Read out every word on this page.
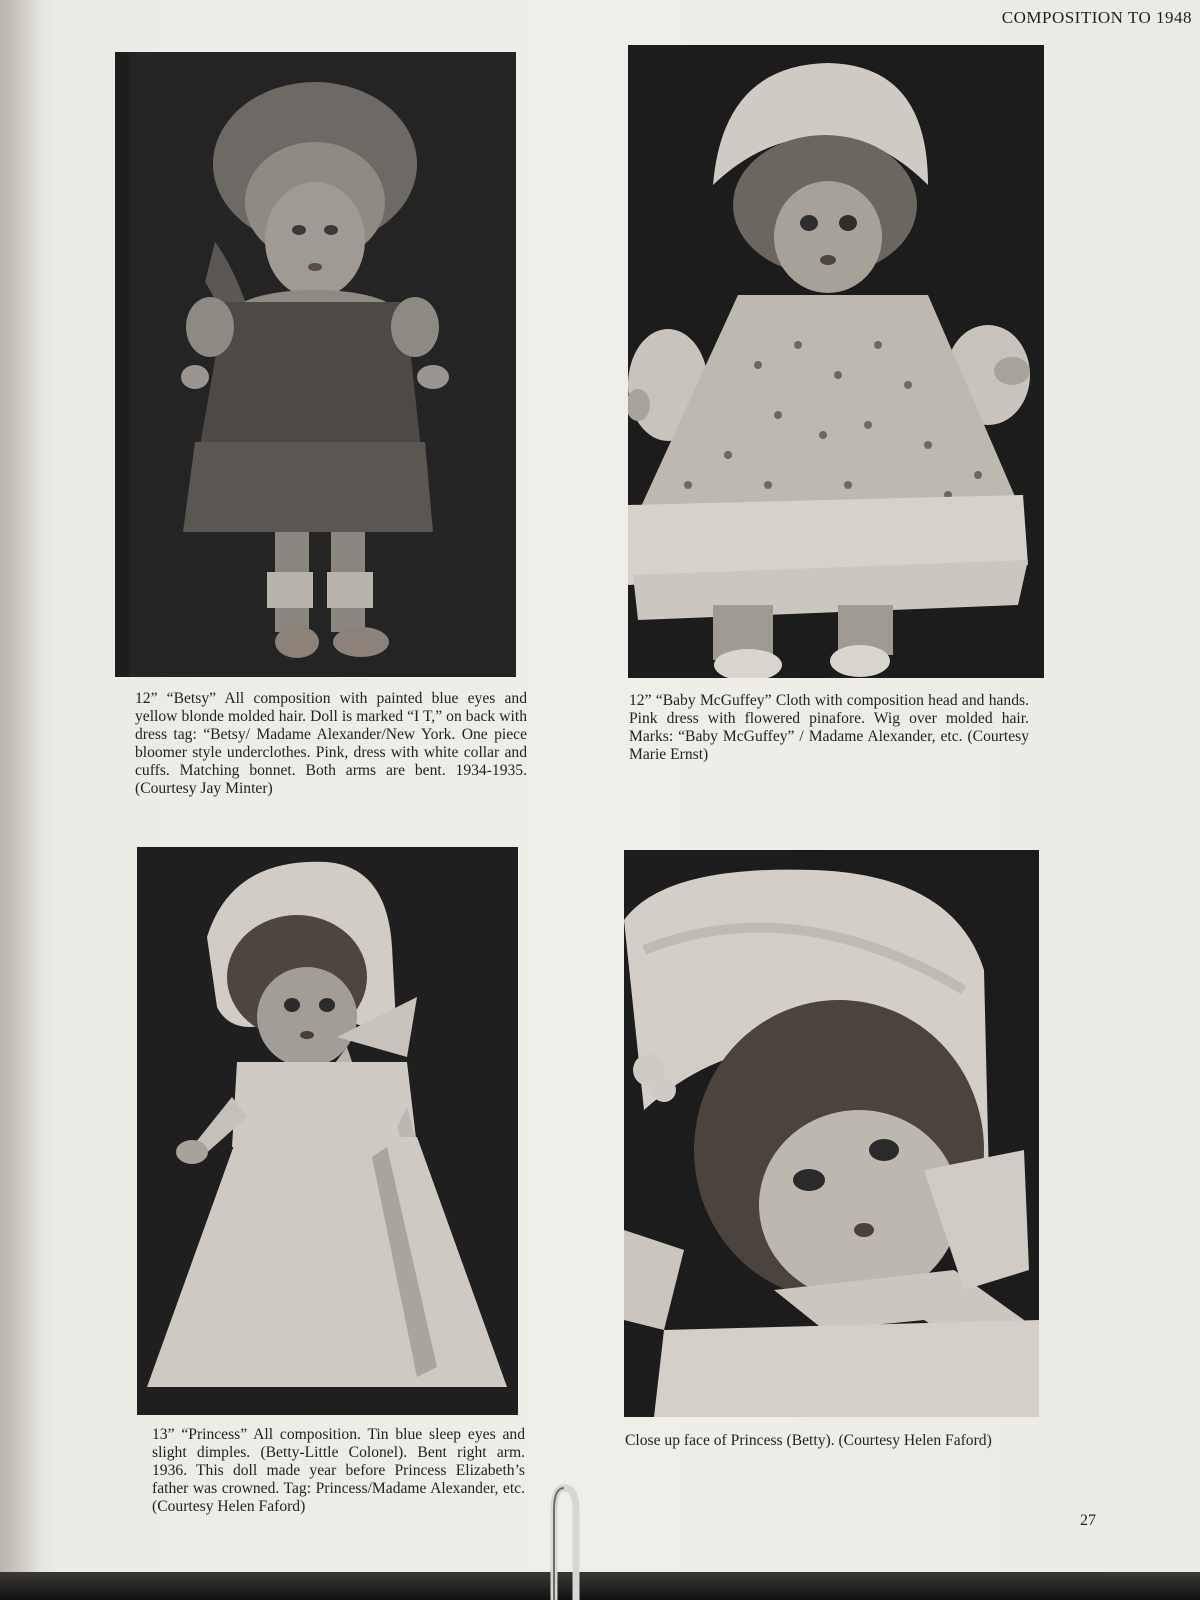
COMPOSITION TO 1948

12” “Betsy” All composition with painted blue eyes and yellow blonde molded hair. Doll is marked “I T,” on back with dress tag: “Betsy/ Madame Alexander/New York. One piece bloomer style underclothes. Pink, dress with white collar and cuffs. Matching bonnet. Both arms are bent. 1934-1935. (Courtesy Jay Minter)

12” “Baby McGuffey” Cloth with composition head and hands. Pink dress with flowered pinafore. Wig over molded hair. Marks: “Baby McGuffey” / Madame Alexander, etc. (Courtesy Marie Ernst)

13” “Princess” All composition. Tin blue sleep eyes and slight dimples. (Betty-Little Colonel). Bent right arm. 1936. This doll made year before Princess Elizabeth’s father was crowned. Tag: Princess/Madame Alexander, etc. (Courtesy Helen Faford)

Close up face of Princess (Betty). (Courtesy Helen Faford)

27
